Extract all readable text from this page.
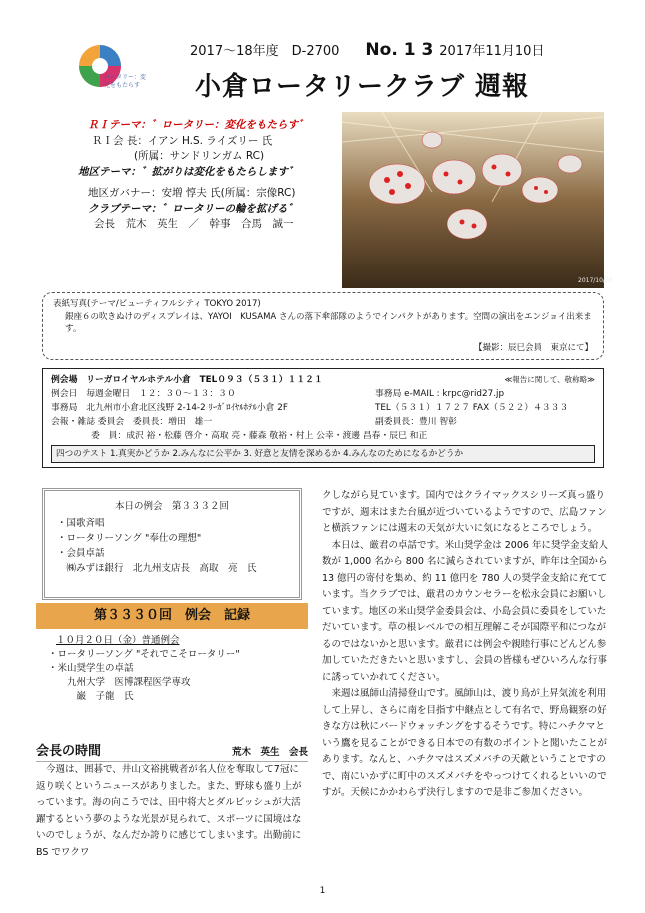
ロータリー：変化をもたらす
2017～18年度　D-2700 No. 1 3 2017年11月10日
小倉ロータリークラブ 週報
ＲＩテーマ：゛ロータリー：変化をもたらす゛
ＲＩ会 長：イアン H.S. ライズリー 氏
(所属：サンドリンガム RC)
地区テーマ：゛拡がりは変化をもたらします゛
地区ガバナー：安増 惇夫 氏(所属：宗像RC)
クラブテーマ：゛ロータリーの輪を拡げる゛
会長　荒木　英生　／　幹事　合馬　誠一
2017/10/20
表紙写真(テーマ/ビューティフルシティ TOKYO 2017)
銀座６の吹きぬけのディスプレイは、YAYOI　KUSAMA さんの落下傘部隊のようでインパクトがあります。空間の演出をエンジョイ出来ます。
【撮影：辰巳会員　東京にて】
例会場　リーガロイヤルホテル小倉　TEL０９３（５３１）１１２１	≪報告に関して、敬称略≫
例会日　毎週金曜日　１２：３０～１３：３０	事務局 e-MAIL : krpc@rid27.jp
事務局　北九州市小倉北区浅野 2-14-2 ﾘｰｶﾞﾛｲﾔﾙﾎﾃﾙ小倉 2F	TEL（５３１）１７２７ FAX（５２２）４３３３
会報・雑誌 委員会　委員長：増田　雄一	副委員長：豊川 智彰
委　員：成沢 裕・松藤 啓介・高取 亮・藤森 敬裕・村上 公幸・渡邊 昌春・辰巳 和正
四つのテスト 1.真実かどうか 2.みんなに公平か 3. 好意と友情を深めるか 4.みんなのためになるかどうか
本日の例会　第３３３２回
・国歌斉唱
・ロータリーソング "奉仕の理想"
・会員卓話
　㈱みずほ銀行　北九州支店長　高取　亮　氏
第３３３０回　例会　記録
１０月２０日（金）普通例会
・ロータリーソング "それでこそロータリー"
・米山奨学生の卓話
　　九州大学　医博課程医学専攻
　　　巌　子龍　氏
会長の時間	荒木　英生　会長
今週は、囲碁で、井山文裕挑戦者が名人位を奪取して7冠に返り咲くというニュースがありました。また、野球も盛り上がっています。海の向こうでは、田中将大とダルビッシュが大活躍するという夢のような光景が見られて、スポーツに国境はないのでしょうが、なんだか誇りに感じてしまいます。出勤前に BS でワクワ
クしながら見ています。国内ではクライマックスシリーズ真っ盛りですが、週末はまた台風が近づいているようですので、広島ファンと横浜ファンには週末の天気が大いに気になるところでしょう。
本日は、厳君の卓話です。米山奨学金は 2006 年に奨学金支給人数が 1,000 名から 800 名に減らされていますが、昨年は全国から 13 億円の寄付を集め、約 11 億円を 780 人の奨学金支給に充てています。当クラブでは、厳君のカウンセラーを松永会員にお願いしています。地区の米山奨学金委員会は、小島会員に委員をしていただいています。草の根レベルでの相互理解こそが国際平和につながるのではないかと思います。厳君には例会や親睦行事にどんどん参加していただきたいと思いますし、会員の皆様もぜひいろんな行事に誘っていかれてください。
来週は風師山清掃登山です。風師山は、渡り鳥が上昇気流を利用して上昇し、さらに南を目指す中継点として有名で、野鳥観察の好きな方は秋にバードウォッチングをするそうです。特にハチクマという鷹を見ることができる日本での有数のポイントと聞いたことがあります。なんと、ハチクマはスズメバチの天敵ということですので、南にいかずに町中のスズメバチをやっつけてくれるといいのですが。天候にかかわらず決行しますので是非ご参加ください。
1
